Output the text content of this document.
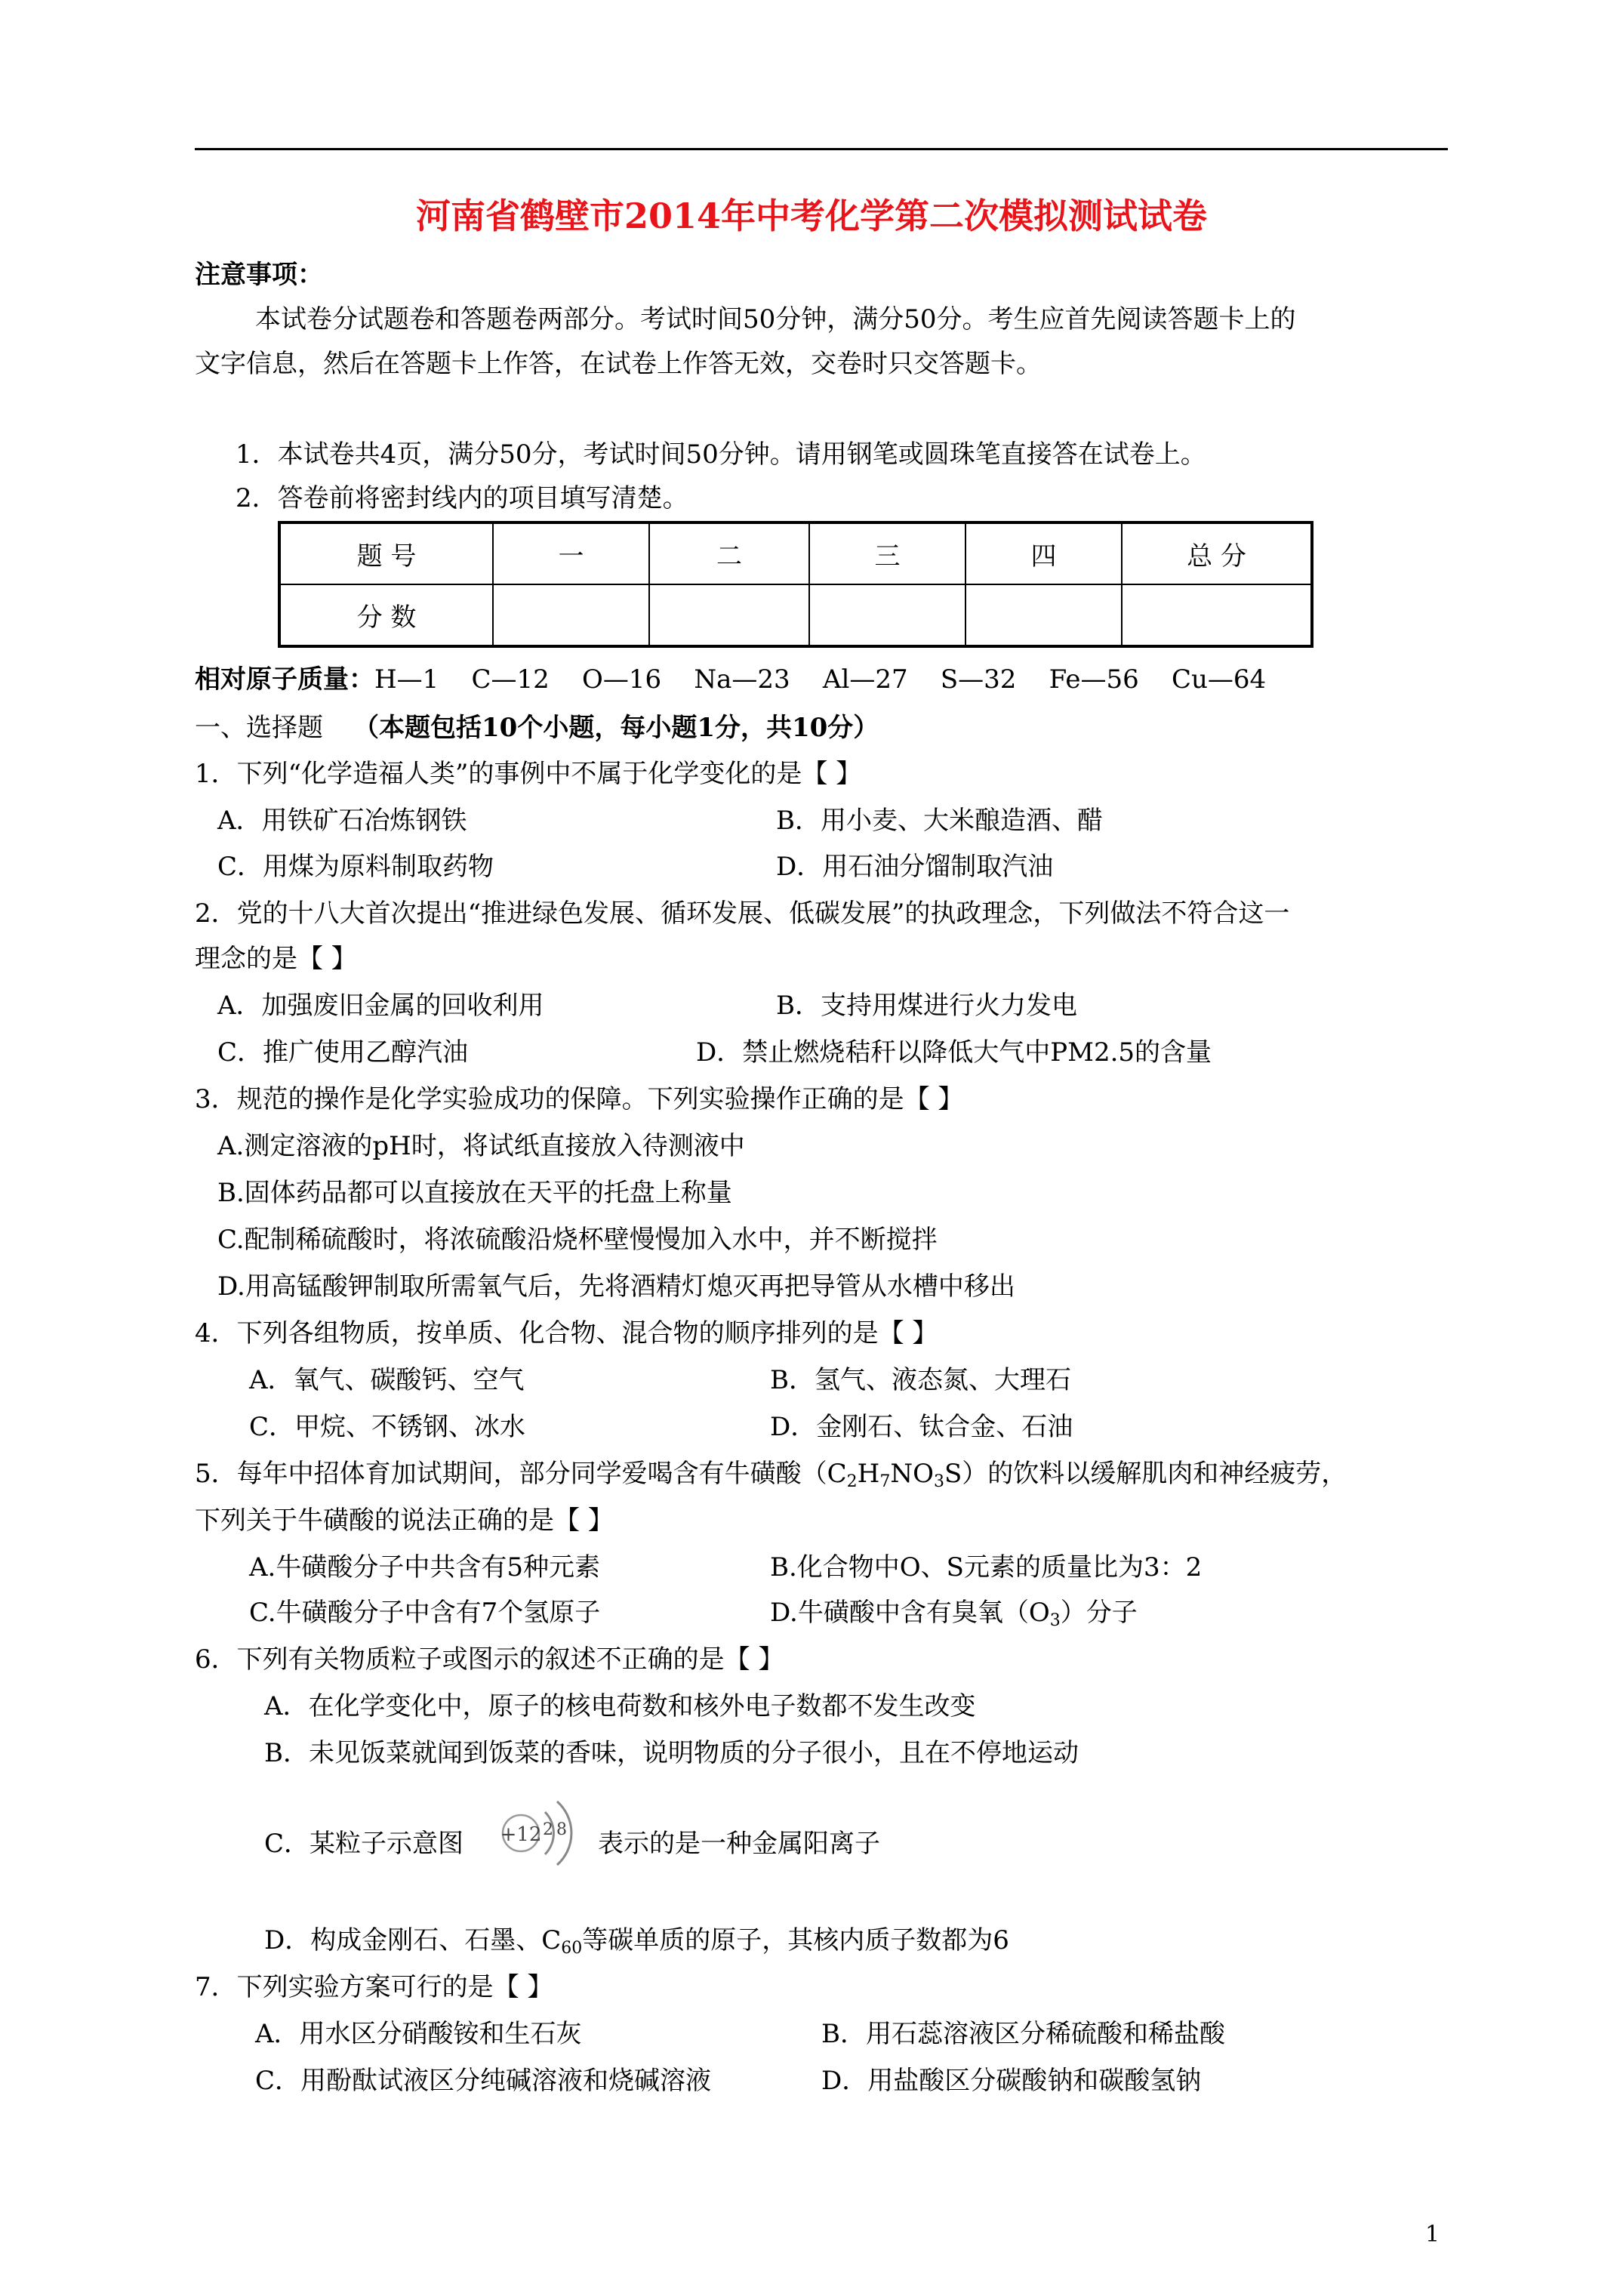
河南省鹤壁市2014年中考化学第二次模拟测试试卷
注意事项：
本试卷分试题卷和答题卷两部分。考试时间50分钟，满分50分。考生应首先阅读答题卡上的
文字信息，然后在答题卡上作答，在试卷上作答无效，交卷时只交答题卡。
1．本试卷共4页，满分50分，考试时间50分钟。请用钢笔或圆珠笔直接答在试卷上。
2．答卷前将密封线内的项目填写清楚。
题 号	一	二	三	四	总 分
分 数					
相对原子质量：H—1    C—12    O—16    Na—23    Al—27    S—32    Fe—56    Cu—64
一、选择题 （本题包括10个小题，每小题1分，共10分）
1．下列“化学造福人类”的事例中不属于化学变化的是【 】
A．用铁矿石冶炼钢铁	B．用小麦、大米酿造酒、醋
C．用煤为原料制取药物	D．用石油分馏制取汽油
2．党的十八大首次提出“推进绿色发展、循环发展、低碳发展”的执政理念，下列做法不符合这一
理念的是【 】
A．加强废旧金属的回收利用	B．支持用煤进行火力发电
C．推广使用乙醇汽油	D．禁止燃烧秸秆以降低大气中PM2.5的含量
3．规范的操作是化学实验成功的保障。下列实验操作正确的是【 】
A.测定溶液的pH时，将试纸直接放入待测液中
B.固体药品都可以直接放在天平的托盘上称量
C.配制稀硫酸时，将浓硫酸沿烧杯壁慢慢加入水中，并不断搅拌
D.用高锰酸钾制取所需氧气后，先将酒精灯熄灭再把导管从水槽中移出
4．下列各组物质，按单质、化合物、混合物的顺序排列的是【 】
A．氧气、碳酸钙、空气	B．氢气、液态氮、大理石
C．甲烷、不锈钢、冰水	D．金刚石、钛合金、石油
5．每年中招体育加试期间，部分同学爱喝含有牛磺酸$(C_2H_7NO_3S)$的饮料以缓解肌肉和神经疲劳，
下列关于牛磺酸的说法正确的是【 】
A.牛磺酸分子中共含有5种元素	B.化合物中O、S元素的质量比为3：2
C.牛磺酸分子中含有7个氢原子	D.牛磺酸中含有臭氧$(O_3)$分子
6．下列有关物质粒子或图示的叙述不正确的是【 】
A．在化学变化中，原子的核电荷数和核外电子数都不发生改变
B．未见饭菜就闻到饭菜的香味，说明物质的分子很小，且在不停地运动
C．某粒子示意图 +12 2 8 表示的是一种金属阳离子
D．构成金刚石、石墨、$C_{60}$等碳单质的原子，其核内质子数都为6
7．下列实验方案可行的是【 】
A．用水区分硝酸铵和生石灰	B．用石蕊溶液区分稀硫酸和稀盐酸
C．用酚酞试液区分纯碱溶液和烧碱溶液	D．用盐酸区分碳酸钠和碳酸氢钠
1
